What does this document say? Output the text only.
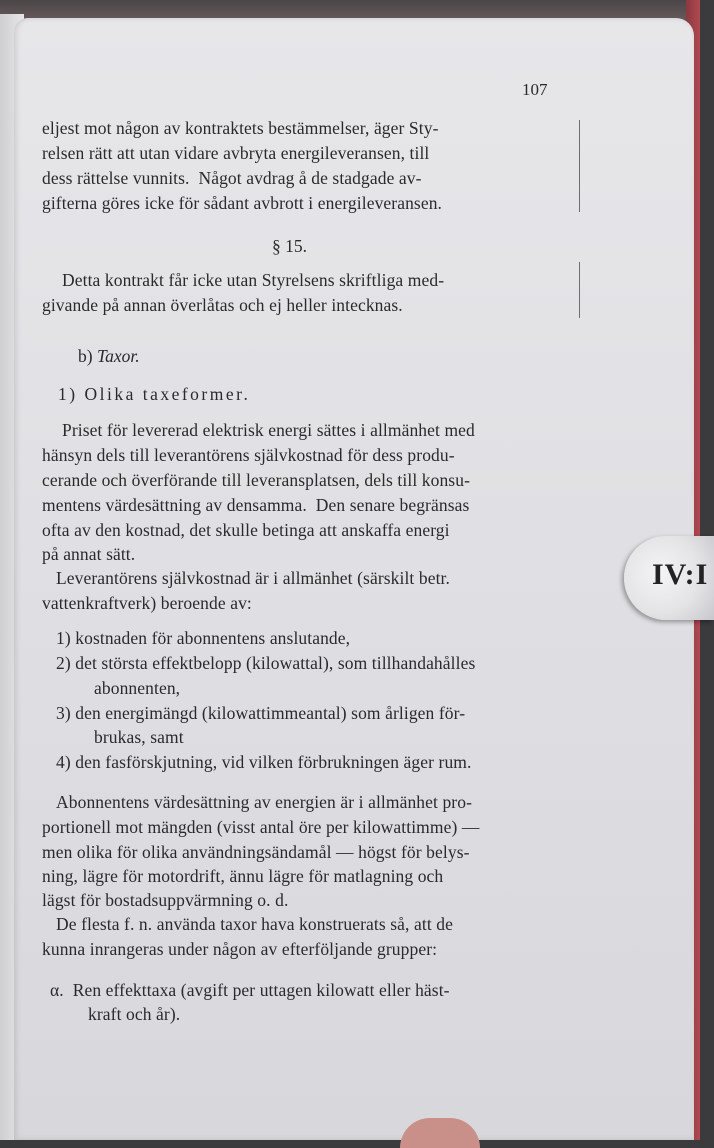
107
eljest mot någon av kontraktets bestämmelser, äger Sty-
relsen rätt att utan vidare avbryta energileveransen, till
dess rättelse vunnits.  Något avdrag å de stadgade av-
gifterna göres icke för sådant avbrott i energileveransen.
§ 15.
Detta kontrakt får icke utan Styrelsens skriftliga med-
givande på annan överlåtas och ej heller intecknas.
b) Taxor.
1) Olika taxeformer.
Priset för levererad elektrisk energi sättes i allmänhet med
hänsyn dels till leverantörens självkostnad för dess produ-
cerande och överförande till leveransplatsen, dels till konsu-
mentens värdesättning av densamma.  Den senare begränsas
ofta av den kostnad, det skulle betinga att anskaffa energi
på annat sätt.
Leverantörens självkostnad är i allmänhet (särskilt betr.
vattenkraftverk) beroende av:
1) kostnaden för abonnentens anslutande,
2) det största effektbelopp (kilowattal), som tillhandahålles
abonnenten,
3) den energimängd (kilowattimmeantal) som årligen för-
brukas, samt
4) den fasförskjutning, vid vilken förbrukningen äger rum.
Abonnentens värdesättning av energien är i allmänhet pro-
portionell mot mängden (visst antal öre per kilowattimme) —
men olika för olika användningsändamål — högst för belys-
ning, lägre för motordrift, ännu lägre för matlagning och
lägst för bostadsuppvärmning o. d.
De flesta f. n. använda taxor hava konstruerats så, att de
kunna inrangeras under någon av efterföljande grupper:
α.  Ren effekttaxa (avgift per uttagen kilowatt eller häst-
kraft och år).
IV:I
